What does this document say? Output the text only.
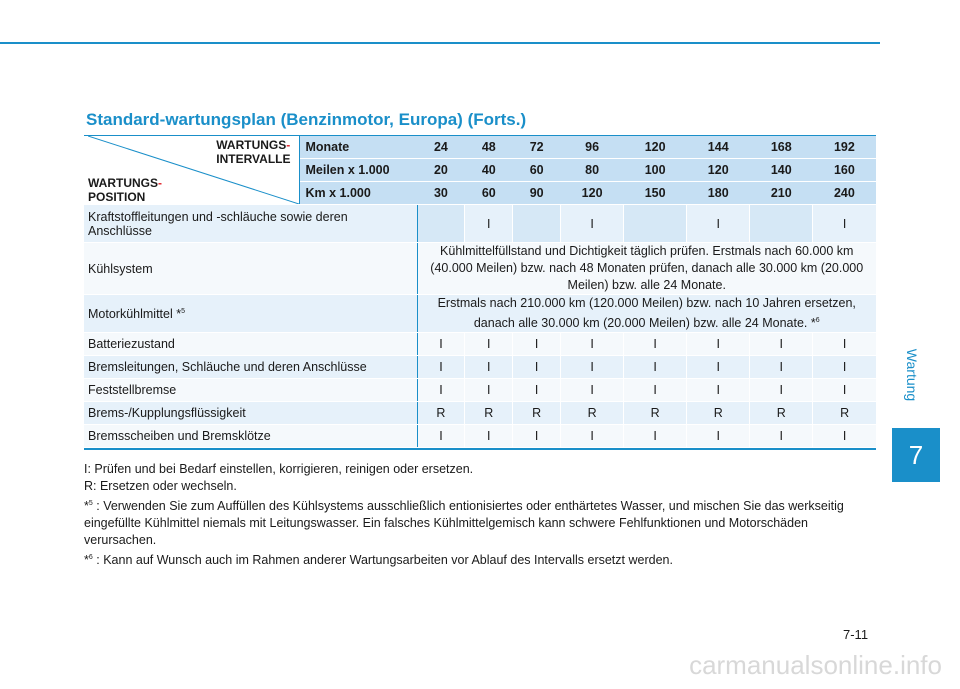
Standard-wartungsplan (Benzinmotor, Europa) (Forts.)
Wartung
7
WARTUNGS-
INTERVALLE
WARTUNGS-
POSITION	Monate	24	48	72	96	120	144	168	192
	Meilen x 1.000	20	40	60	80	100	120	140	160
	Km x 1.000	30	60	90	120	150	180	210	240
Kraftstoffleitungen und -schläuche sowie deren Anschlüsse			I		I		I		I
Kühlsystem		Kühlmittelfüllstand und Dichtigkeit täglich prüfen. Erstmals nach 60.000 km (40.000 Meilen) bzw. nach 48 Monaten prüfen, danach alle 30.000 km (20.000 Meilen) bzw. alle 24 Monate.							
Motorkühlmittel *$^5$		Erstmals nach 210.000 km (120.000 Meilen) bzw. nach 10 Jahren ersetzen, danach alle 30.000 km (20.000 Meilen) bzw. alle 24 Monate. *$^6$
Batteriezustand		I	I	I	I	I	I	I	I
Bremsleitungen, Schläuche und deren Anschlüsse		I	I	I	I	I	I	I	I
Feststellbremse		I	I	I	I	I	I	I	I
Brems-/Kupplungsflüssigkeit		R	R	R	R	R	R	R	R
Bremsscheiben und Bremsklötze		I	I	I	I	I	I	I	I

I: Prüfen und bei Bedarf einstellen, korrigieren, reinigen oder ersetzen.

R: Ersetzen oder wechseln.

*$^5$ : Verwenden Sie zum Auffüllen des Kühlsystems ausschließlich entionisiertes oder enthärtetes Wasser, und mischen Sie das werkseitig eingefüllte Kühlmittel niemals mit Leitungswasser. Ein falsches Kühlmittelgemisch kann schwere Fehlfunktionen und Motorschäden verursachen.

*$^6$ : Kann auf Wunsch auch im Rahmen anderer Wartungsarbeiten vor Ablauf des Intervalls ersetzt werden.

7-11
carmanualsonline.info
